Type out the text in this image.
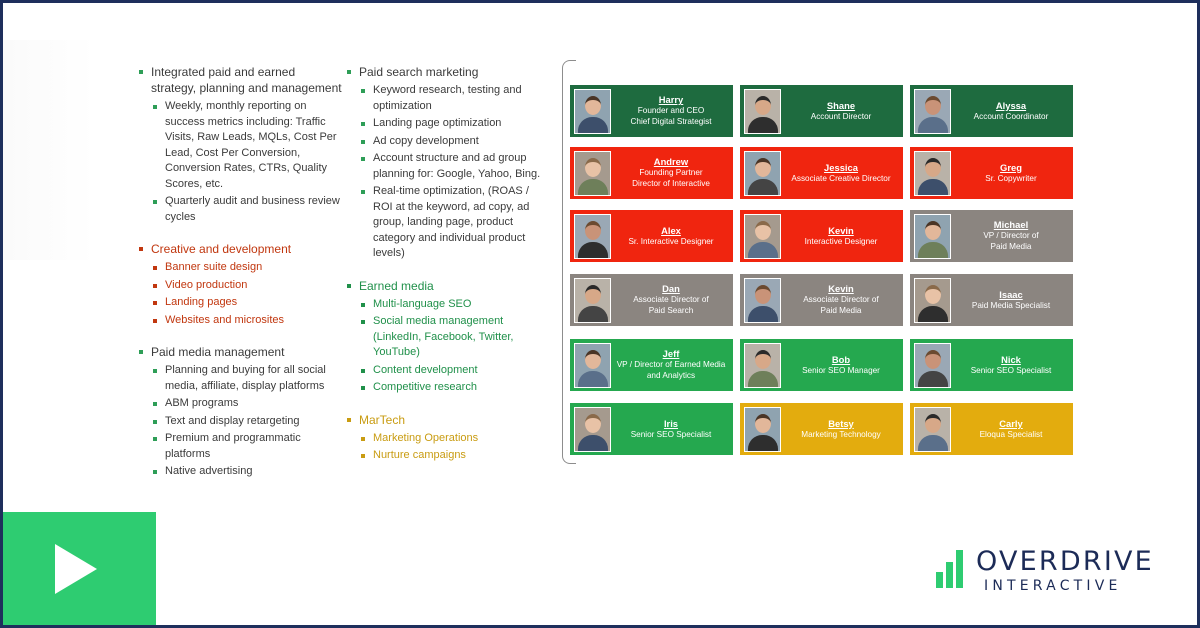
Integrated paid and earned strategy, planning and management
Weekly, monthly reporting on success metrics including: Traffic Visits, Raw Leads, MQLs, Cost Per Lead, Cost Per Conversion, Conversion Rates, CTRs, Quality Scores, etc.
Quarterly audit and business review cycles
Creative and development
Banner suite design
Video production
Landing pages
Websites and microsites
Paid media management
Planning and buying for all social media, affiliate, display platforms
ABM programs
Text and display retargeting
Premium and programmatic platforms
Native advertising
Paid search marketing
Keyword research, testing and optimization
Landing page optimization
Ad copy development
Account structure and ad group planning for: Google, Yahoo, Bing.
Real-time optimization, (ROAS / ROI at the keyword, ad copy, ad group, landing page, product category and individual product levels)
Earned media
Multi-language SEO
Social media management (LinkedIn, Facebook, Twitter, YouTube)
Content development
Competitive research
MarTech
Marketing Operations
Nurture campaigns
Harry
Founder and CEO
Chief Digital Strategist
Shane
Account Director
Alyssa
Account Coordinator
Andrew
Founding Partner
Director of Interactive
Jessica
Associate Creative Director
Greg
Sr. Copywriter
Alex
Sr. Interactive Designer
Kevin
Interactive Designer
Michael
VP / Director of
Paid Media
Dan
Associate Director of
Paid Search
Kevin
Associate Director of
Paid Media
Isaac
Paid Media Specialist
Jeff
VP / Director of Earned Media
and Analytics
Bob
Senior SEO Manager
Nick
Senior SEO Specialist
Iris
Senior SEO Specialist
Betsy
Marketing Technology
Carly
Eloqua Specialist
OVERDRIVE
INTERACTIVE
